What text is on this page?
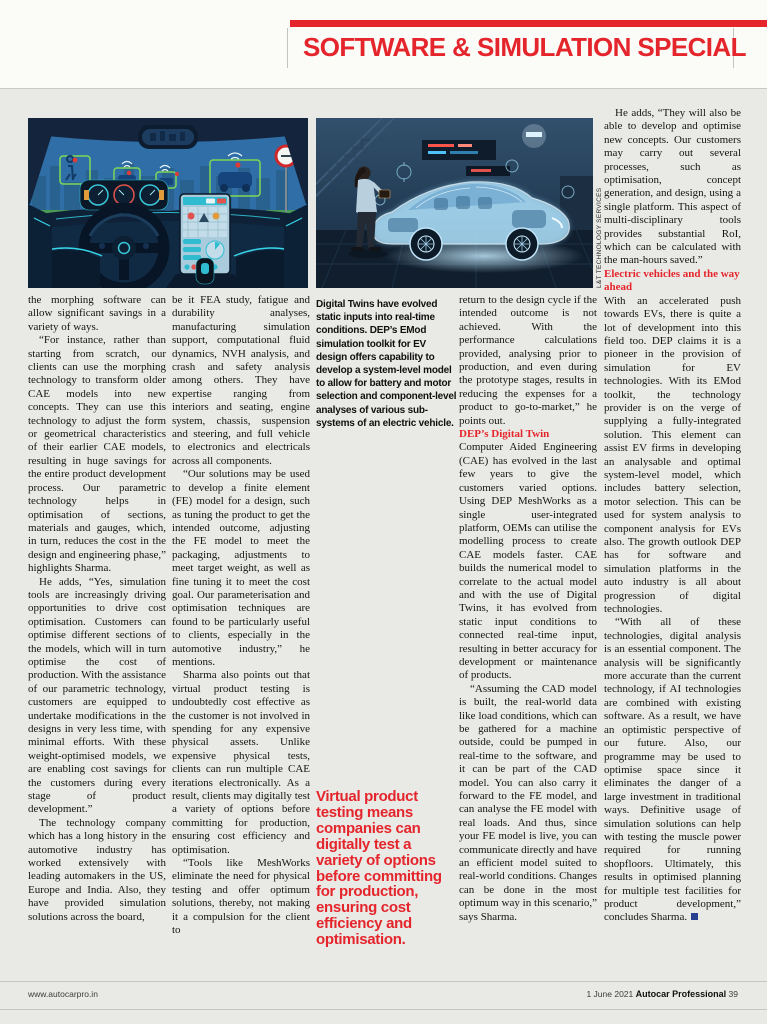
SOFTWARE & SIMULATION SPECIAL
L&T TECHNOLOGY SERVICES
Digital Twins have evolved static inputs into real-time conditions. DEP’s EMod simulation toolkit for EV design offers capability to develop a system-level model to allow for battery and motor selection and component-level analyses of various sub-systems of an electric vehicle.

the morphing software can allow significant savings in a variety of ways.

“For instance, rather than starting from scratch, our clients can use the morphing technology to transform older CAE models into new concepts. They can use this technology to adjust the form or geometrical characteristics of their earlier CAE models, resulting in huge savings for the entire product development process. Our parametric technology helps in optimisation of sections, materials and gauges, which, in turn, reduces the cost in the design and engineering phase,” highlights Sharma.

He adds, “Yes, simulation tools are increasingly driving opportunities to drive cost optimisation. Customers can optimise different sections of the models, which will in turn optimise the cost of production. With the assistance of our parametric technology, customers are equipped to undertake modifications in the designs in very less time, with minimal efforts. With these weight-optimised models, we are enabling cost savings for the customers during every stage of product development.”

The technology company which has a long history in the automotive industry has worked extensively with leading automakers in the US, Europe and India. Also, they have provided simulation solutions across the board,

be it FEA study, fatigue and durability analyses, manufacturing simulation support, computational fluid dynamics, NVH analysis, and crash and safety analysis among others. They have expertise ranging from interiors and seating, engine system, chassis, suspension and steering, and full vehicle to electronics and electricals across all components.

“Our solutions may be used to develop a finite element (FE) model for a design, such as tuning the product to get the intended outcome, adjusting the FE model to meet the packaging, adjustments to meet target weight, as well as fine tuning it to meet the cost goal. Our parameterisation and optimisation techniques are found to be particularly useful to clients, especially in the automotive industry,” he mentions.

Sharma also points out that virtual product testing is undoubtedly cost effective as the customer is not involved in spending for any expensive physical assets. Unlike expensive physical tests, clients can run multiple CAE iterations electronically. As a result, clients may digitally test a variety of options before committing for production, ensuring cost efficiency and optimisation.

“Tools like MeshWorks eliminate the need for physical testing and offer optimum solutions, thereby, not making it a compulsion for the client to

Virtual product testing means companies can digitally test a variety of options before committing for production, ensuring cost efficiency and optimisation.

return to the design cycle if the intended outcome is not achieved. With the performance calculations provided, analysing prior to production, and even during the prototype stages, results in reducing the expenses for a product to go-to-market,” he points out.

DEP’s Digital Twin

Computer Aided Engineering (CAE) has evolved in the last few years to give the customers varied options. Using DEP MeshWorks as a single user-integrated platform, OEMs can utilise the modelling process to create CAE models faster. CAE builds the numerical model to correlate to the actual model and with the use of Digital Twins, it has evolved from static input conditions to connected real-time input, resulting in better accuracy for development or maintenance of products.

“Assuming the CAD model is built, the real-world data like load conditions, which can be gathered for a machine outside, could be pumped in real-time to the software, and it can be part of the CAD model. You can also carry it forward to the FE model, and can analyse the FE model with real loads. And thus, since your FE model is live, you can communicate directly and have an efficient model suited to real-world conditions. Changes can be done in the most optimum way in this scenario,” says Sharma.

He adds, “They will also be able to develop and optimise new concepts. Our customers may carry out several processes, such as optimisation, concept generation, and design, using a single platform. This aspect of multi-disciplinary tools provides substantial RoI, which can be calculated with the man-hours saved.”

Electric vehicles and the way ahead

With an accelerated push towards EVs, there is quite a lot of development into this field too. DEP claims it is a pioneer in the provision of simulation for EV technologies. With its EMod toolkit, the technology provider is on the verge of supplying a fully-integrated solution. This element can assist EV firms in developing an analysable and optimal system-level model, which includes battery selection, motor selection. This can be used for system analysis to component analysis for EVs also. The growth outlook DEP has for software and simulation platforms in the auto industry is all about progression of digital technologies.

“With all of these technologies, digital analysis is an essential component. The analysis will be significantly more accurate than the current technology, if AI technologies are combined with existing software. As a result, we have an optimistic perspective of our future. Also, our programme may be used to optimise space since it eliminates the danger of a large investment in traditional ways. Definitive usage of simulation solutions can help with testing the muscle power required for running shopfloors. Ultimately, this results in optimised planning for multiple test facilities for product development,” concludes Sharma.

www.autocarpro.in	1 June 2021 Autocar Professional 39
